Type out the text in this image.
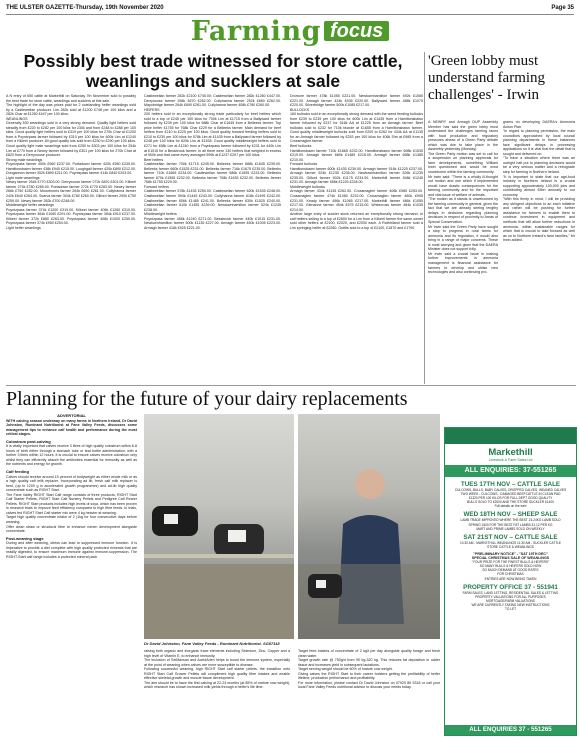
THE ULSTER GAZETTE-Thursday, 19th November 2020	Page 35
Farming focus
Possibly best trade witnessed for store cattle, weanlings and sucklers at sale

A N entry of 650 cattle at Markethill on Saturday 7th November sold to possibly the best trade for store cattle, weanlings and sucklers at this sale.
The highlight of the day was prices paid for 2 outstanding heifer weanlings sold by a Castlewellan producer. Lim 282k sold at £1200 £748 per 100 kilos and a 282k Char at £1260 £447 per 100 kilos.
WEANLINGS
Generally 530 weanlings sold in a very strong demand. Quality light heifers sold steadily from £220 to £282 per 100 kilos for 230k and from £248 to £288 per 100 kilos. Good quality light heifers sold to £319 per 100 kilos for 270k Char at £1200 from a Poyntzpass farmer followed by £310 per 100 kilos for 600k Lim at £1240 from a Kilkeel producer. All good quality lots sold from £230 to £290 per 100 kilos. Good quality light male weanlings sold from £250 to £303 per 100 kilos for 254k Lim at £770 from a Newry farmer followed by £301 per 100 kilos for 270k Char at £820 from a Derrynoose producer.
Strong male weanlings
Poyntzpass farmer 400k £960 £237.00. Portadown farmer 420k £950 £235.00. Hamiltonsbawn farmer 438k £940 £215.00. Loughgall farmer 420k £890 £212.00. Dungannon farmer 352k £890 £211.00. Poyntzpass farmer 414k £840 £203.00.
Light male weanlings
Newry farmer 254k £770 £303.00. Derrynoose farmer 272k £820 £301.00. Kilkeel farmer 274k £780 £285.00. Portadown farmer 272k £770 £283.00. Newry farmer 266k £750 £282.00. Mountnorris farmer 264k £690 £261.00. Cullyhanna farmer 242k £640 £264.00. Scarva farmer 304k £780 £260.00. Gilford farmer 290k £750 £259.00. Newry farmer 282k £700 £248.00.
Middleweight heifer weanlings
Poyntzpass farmer 374k £1200 £319.00. Kilkeel farmer 406k £1260 £310.00. Poyntzpass farmer 364k £1060 £291.00. Poyntzpass farmer 384k £910 £237.00. Kilkeel farmer 372k £880 £263.00. Poyntzpass farmer 408k £1000 £250.00. Poyntzpass farmer 374k £950 £254.00.
Light heifer weanlings

Castlewellan farmer 282k £2100 £745.00; Castlewellan farmer 282k £1260 £447.00. Derrynoose farmer 258k £670 £262.00. Cullyhanna farmer 252k £660 £262.00. Mayobridge farmer 264k £690 £261.00. Cullyhanna farmer 408k £780 £260.00.
HEIFERS
200 heifers sold in an exceptionally strong trade particularly for beef heifers which sold to a top of £245 per 100 kilos for 700k Lim at £1715 from a Ballyward farmer followed by £239 per 100 kilos for 688k Char at £1645 from a Belleeks farmer. Top price heifer £1755 for 768k Char £229 for a Belleeks farmer. Main demand for beef heifers from £210 to £225 per 100 kilos. Good quality forward feeding heifers sold to £210 to £230 per 100 kilos for 578k Lim at £1435 from a Ballyward farmer followed by £248 per 100 kilos for 620k Lim at £1535. Good quality middleweight heifers sold to £271 for 458k Lim at £1240 from a Poyntzpass farmer followed by £231 for 440k Lim at £1015 for a Bessbrook farmer. In all there were 130 heifers that weighed in excess of 500k and that came every averaged 599k at £1237 £207 per 100 kilos.
Beef heifers
Castlewellan farmer 700k £1715 £245.00. Belleeks farmer 688k £1645 £239.00. Belleeks farmer 660k £1525 £231.00. Belleeks farmer 716k £1675 £235.00. Belleeks farmer 710k £1665 £234.00. Castlewellan farmer 686k £1595 £233.00. Belleeks farmer 670k £1555 £232.00. Belleeks farmer 708k £1635 £232.00. Belleeks farmer 768k £1755 £229.00.
Forward heifers
Castlewellan farmer 578k £1435 £250.00. Castlewellan farmer 620k £1535 £248.00. Castlewellan farmer 594k £1445 £243.00. Cullyhanna farmer 618k £1495 £242.00. Castlewellan farmer 606k £1485 £241.00. Belleeks farmer 630k £1525 £240.00. Castlewellan farmer 610k £1455 £239.00. Newtownhamilton farmer 524k £1245 £238.00.
Middleweight heifers
Poyntzpass farmer 458k £1240 £271.00. Bessbrook farmer 440k £1015 £231.00. Newtownhamilton farmer 500k £1135 £227.00. Armagh farmer 450k £1005 £223.00. Armagh farmer 418k £925 £221.00.

Dromore farmer 478k £1055 £221.00. Newtownhamilton farmer 492k £1085 £221.00. Armagh farmer 424k £935 £220.00. Ballyward farmer 488k £1075 £220.00. Silverbridge farmer 500k £1085 £217.00.
BULLOCKS
160 bullocks sold in an exceptionally strong demand with the weed feeding bullocks from £239 to £239 per 100 kilos for 600k Lim at £1435 from a Hamiltonsbawn farmer followed by £237 for 516k AA at £1225 from an Armagh farmer. Beef bullocks sold to £232 for 710k blonde at £1655 from a Hamiltonsbawn farmer. Good quality middleweight bullocks sold from £200 to £262 for 434k AA at £1135 for an Armagh farmer followed by £253 per 100 kilos for 406k Sim at £985 from a Crossmaglen farmer.
Beef bullocks
Hamiltonsbawn farmer 710k £1665 £232.00. Hamiltonsbawn farmer 698k £1535 £219.00. Armagh farmer 680k £1485 £218.00. Armagh farmer 658k £1385 £210.00.
Forward bullocks
Hamiltonsbawn farmer 600k £1435 £239.00. Armagh farmer 516k £1225 £237.00. Armagh farmer 524k £1235 £236.00. Newtownhamilton farmer 526k £1235 £235.00. Gilford farmer 502k £1175 £234.00. Markethill farmer 548k £1245 £231.00. Armagh farmer 558k £1225 £228.00.
Middleweight bullocks
Armagh farmer 434k £1135 £262.00. Crossmaglen farmer 406k £985 £253.00. Crossmaglen farmer 474k £1080 £232.00. Crossmaglen farmer 480k £995 £231.00. Keady farmer 496k £1065 £217.00. Markethill farmer 486k £1055 £217.00. Glenanne farmer 454k £975 £215.00. Whitecross farmer 484k £1035 £214.00.
Another large entry of suckler stock returned an exceptionally strong demand. In calf heifers selling to a top of £2800 for a Lim from a Kilkeel farmer the same owner sold other heifers at £2100, £2020, and £2000 each. A Rathfriland farmer sold a Lim springing heifer at £2260. Outfits sold to a top of £2100, £1870 and £1790.

'Green lobby must understand farming challenges' - Irwin

A NEWRY and Armagh DUP Assembly Member has said the green lobby must understand the challenges farming faces with food production and regulatory pressures ahead of a Green Party debate which was due to take place in the Assembly yesterday (Monday).
The Green Party motion was set to call for a suspension on planning approvals for farm developments, something William Irwin questioned and would be most unwelcome within the farming community.
Mr Irwin said: "There is a wholly ill-thought out motion and one which if implemented would have drastic consequences for the farming community and for the important and vital issue of welfare of animals.
"The motion as it stands is unwelcomed by the farming community in general, given the fact that we are already seeing lengthy delays in decisions regarding planning decisions in respect of proximity to Areas of Special Conservation.
Mr Irwin said the Green Party have sought a stop to progress in rural farms for ammonia and its regulation, it would also bring in a range of major concerns. These is most worrying and given that the DAERA Minister does not support fully.
Mr Irwin said a crucial issue in making further improvements in ammonia management is financial assistance for farmers to develop and utilise new technologies and also continuing pro-

grams on developing DAERA's Ammonia Action Plan.
"In regard to planning permission, the main councillors approached by local council planning departments in these instances face significant delays in processing applications so it is vital that the detail that is sought and delivered on.
"To have a situation where there was an outright halt put to planning decisions would be a very serious matter and a retrograde step for farming in Northern Ireland.
"It is important to state that our agri-food industry in Northern Ireland is a crucial supporting approximately 100,000 jobs and contributing almost £5bn annually to our economy.
"With this firmly in mind, I will be providing any stringent objections to an each initiative and rather will be pushing for further assistance for farmers to enable them to continue investment in equipment and methods that will allow further reductions in ammonia, within sustainable ranges for which that is crucial to take forward as well as on to Northern Ireland's farm families," Mr Irwin added.

Planning for the future of your dairy replacements
ADVERTORIAL

WITH calving season underway on many farms in Northern Ireland, Dr David Johnston, Ruminant Nutritionist at Fane Valley Feeds, discusses some management tips to enhance calf health and performance during the most critical stages.

Colostrum post-calving

It is vitally important that calves receive 3 litres of high quality colostrum within 6-8 hours of birth either through a stomach tube or teat bottle administration, with a further 3 litres within 12 hours. It is crucial to ensure calves receive colostrum only whilst they can efficiently absorb the antibodies essential for immunity as well as the nutrients and energy for growth.

Calf feeding

Calves should receive around 15 percent of bodyweight as either whole milk or as a high quality calf milk replacer. Incorporating ad lib, fresh calf milk replacer is best, (up to 1200 g in accelerated growth programmes) and ad-lib high quality concentrate such as RIGHT Start.
The Fane Valley RIGHT Start Calf range consists of three products, RIGHT Start Calf Starter Pellets, RIGHT Start Calf Nursery Pellets and Pedigree Calf Rearer Pellets. RIGHT Start products includes high levels of soya, which has been proven in research trials to improve feed efficiency compared to high fibre feeds. In trials, calves fed RIGHT Start Calf starter mix were 4 kg heavier at weaning.
Target high quality concentrate intake of 2 (1kg for four consecutive days before weaning.
Offer clean straw or structural fibre to enhance rumen development alongside concentrate.

Post-weaning stage

During and after weaning, stress can lead to suppressed immune function. It is imperative to provide a diet complete with high quality protected minerals that are readily digested, to ensure maximum immune against immune-suppression. The RIGHT-Start calf range includes a protected mineral pack

Dr David Johnston, Fane Valley Feeds - Ruminant Nutritionist. SG87118

raising both organic and inorganic trace elements including Selenium, Zinc, Copper and a high level of Vitamin E, to enhance immunity.
The inclusion of SelMaxsan and AceldArlen helps to boost the immune system, especially at the point of weaning when calves are more susceptible to disease.
Following successful weaning, high RIGHT Start calf starter pellets, the transition onto RIGHT Start Calf Grower Pellets will compliment high quality fibre intakes and enable effective skeletal growth and muscle tissue development.
The aim should be to have the first calving at 22-24 months (at 85% of mature cow weight), which research has shown increased milk yields through a heifer's life time.

Target feed intakes of concentrate of 2 kg/t per day alongside quality forage and fresh clean water.
Target growth rate @ 750g/d from 90 kg-320 kg. This reduces fat deposition in udder tissue and increases yield in subsequent lactations.
Target serving weight should be 60% of mature cow weight.
Giving calves the RIGHT Start to their career bolsters getting the profitability of heifer lifetime, production performance and profitability.
For more information, please contact Dr David Johnston on 07929 86 5318 or call your local Fane Valley Feeds nutritional advisor to discuss your needs today.

Markethill
Livestock & Farm Sales Ltd
ALL ENQUIRIES: 37-551265
TUES 17TH NOV – CATTLE SALE
CULCOWS, BULLS, BABY CALVES, DROPPED CALVES, WEANED CALVES
TWO WEEK - CULCOWS - DAMAGED BEEFCATTLE IN CLEAN PAD
£1320 PER 100 KILOS FOR FULL DEPT GOOD QUALITY
BULLS SOLD TO £2000 AND THE STORE SUCKLER £1400
Full details on the web
WED 18TH NOV – SHEEP SALE
LAMB TRADE IMPROVED WHERE THE BEST 23-24KG LAMB SOLD
SPRING 1500 FOR THE BEST FAT LAMBS £1.12 PER KG
MART AND PRIME LAMBS SOLD ON WEEKLY
SAT 21ST NOV – CATTLE SALE
10.30 AM - MARKETHILL WEANLINGS 11.30 AM - SUCKLER CATTLE
STORE CATTLE & WEANLINGS
"PRELIMINARY NOTICE" - "SAT 19TH DEC"
SPECIAL CHRISTMAS SALE OF WEANLINGS
"YOUR PRIZE FOR THE FINEST BULLS & HEIFERS"
SO MANY BULLS & HEIFERS SOLD NOW
SO MUCH DEMAND AT GOOD RATES
FOR CHRISTMAS
ENTRIES ARE NOW BEING TAKEN
PROPERTY OFFICE 37 - 551941
FARM SALES, LAND LETTING, RESIDENTIAL SALES & LETTING
PROPERTY VALUATIONS FOR ALL PURPOSES
MORTGAGE/FARM VALUATIONS
WE ARE CURRENTLY TAKING NEW INSTRUCTIONS
TO LET
ALL ENQUIRIES 37 - 551265
